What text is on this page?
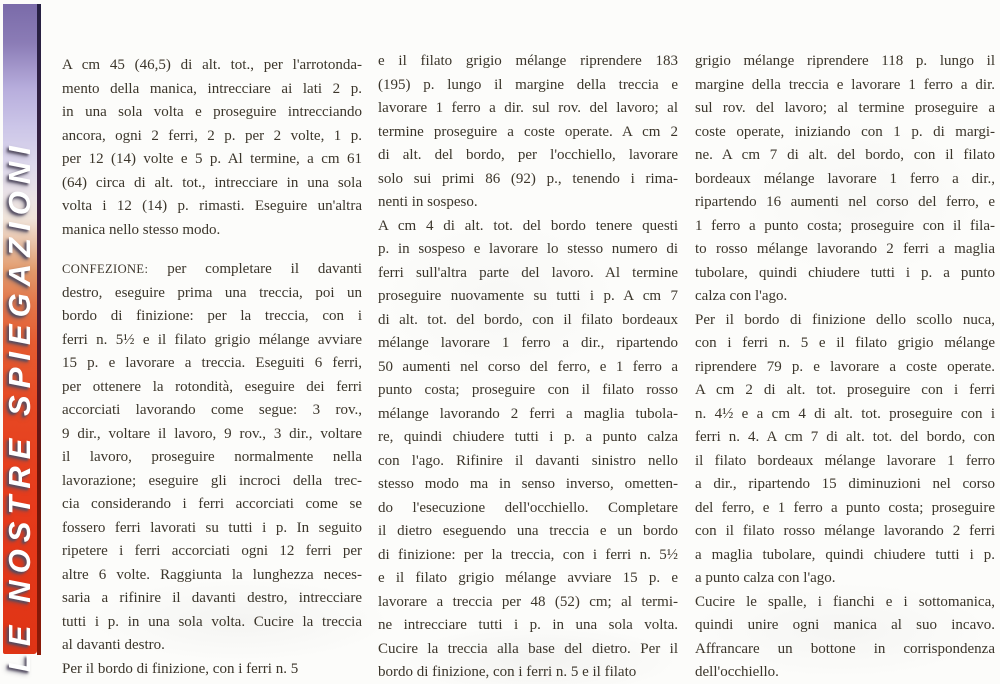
LE NOSTRE SPIEGAZIONI

A cm 45 (46,5) di alt. tot., per l'arrotonda-
mento della manica, intrecciare ai lati 2 p.
in una sola volta e proseguire intrecciando
ancora, ogni 2 ferri, 2 p. per 2 volte, 1 p.
per 12 (14) volte e 5 p. Al termine, a cm 61
(64) circa di alt. tot., intrecciare in una sola
volta i 12 (14) p. rimasti. Eseguire un'altra
manica nello stesso modo.

CONFEZIONE: per completare il davanti
destro, eseguire prima una treccia, poi un
bordo di finizione: per la treccia, con i
ferri n. 5½ e il filato grigio mélange avviare
15 p. e lavorare a treccia. Eseguiti 6 ferri,
per ottenere la rotondità, eseguire dei ferri
accorciati lavorando come segue: 3 rov.,
9 dir., voltare il lavoro, 9 rov., 3 dir., voltare
il lavoro, proseguire normalmente nella
lavorazione; eseguire gli incroci della trec-
cia considerando i ferri accorciati come se
fossero ferri lavorati su tutti i p. In seguito
ripetere i ferri accorciati ogni 12 ferri per
altre 6 volte. Raggiunta la lunghezza neces-
saria a rifinire il davanti destro, intrecciare
tutti i p. in una sola volta. Cucire la treccia
al davanti destro.

Per il bordo di finizione, con i ferri n. 5

e il filato grigio mélange riprendere 183
(195) p. lungo il margine della treccia e
lavorare 1 ferro a dir. sul rov. del lavoro; al
termine proseguire a coste operate. A cm 2
di alt. del bordo, per l'occhiello, lavorare
solo sui primi 86 (92) p., tenendo i rima-
nenti in sospeso.

A cm 4 di alt. tot. del bordo tenere questi
p. in sospeso e lavorare lo stesso numero di
ferri sull'altra parte del lavoro. Al termine
proseguire nuovamente su tutti i p. A cm 7
di alt. tot. del bordo, con il filato bordeaux
mélange lavorare 1 ferro a dir., ripartendo
50 aumenti nel corso del ferro, e 1 ferro a
punto costa; proseguire con il filato rosso
mélange lavorando 2 ferri a maglia tubola-
re, quindi chiudere tutti i p. a punto calza
con l'ago. Rifinire il davanti sinistro nello
stesso modo ma in senso inverso, ometten-
do l'esecuzione dell'occhiello. Completare
il dietro eseguendo una treccia e un bordo
di finizione: per la treccia, con i ferri n. 5½
e il filato grigio mélange avviare 15 p. e
lavorare a treccia per 48 (52) cm; al termi-
ne intrecciare tutti i p. in una sola volta.
Cucire la treccia alla base del dietro. Per il
bordo di finizione, con i ferri n. 5 e il filato

grigio mélange riprendere 118 p. lungo il
margine della treccia e lavorare 1 ferro a dir.
sul rov. del lavoro; al termine proseguire a
coste operate, iniziando con 1 p. di margi-
ne. A cm 7 di alt. del bordo, con il filato
bordeaux mélange lavorare 1 ferro a dir.,
ripartendo 16 aumenti nel corso del ferro, e
1 ferro a punto costa; proseguire con il fila-
to rosso mélange lavorando 2 ferri a maglia
tubolare, quindi chiudere tutti i p. a punto
calza con l'ago.

Per il bordo di finizione dello scollo nuca,
con i ferri n. 5 e il filato grigio mélange
riprendere 79 p. e lavorare a coste operate.
A cm 2 di alt. tot. proseguire con i ferri
n. 4½ e a cm 4 di alt. tot. proseguire con i
ferri n. 4. A cm 7 di alt. tot. del bordo, con
il filato bordeaux mélange lavorare 1 ferro
a dir., ripartendo 15 diminuzioni nel corso
del ferro, e 1 ferro a punto costa; proseguire
con il filato rosso mélange lavorando 2 ferri
a maglia tubolare, quindi chiudere tutti i p.
a punto calza con l'ago.

Cucire le spalle, i fianchi e i sottomanica,
quindi unire ogni manica al suo incavo.
Affrancare un bottone in corrispondenza
dell'occhiello.
